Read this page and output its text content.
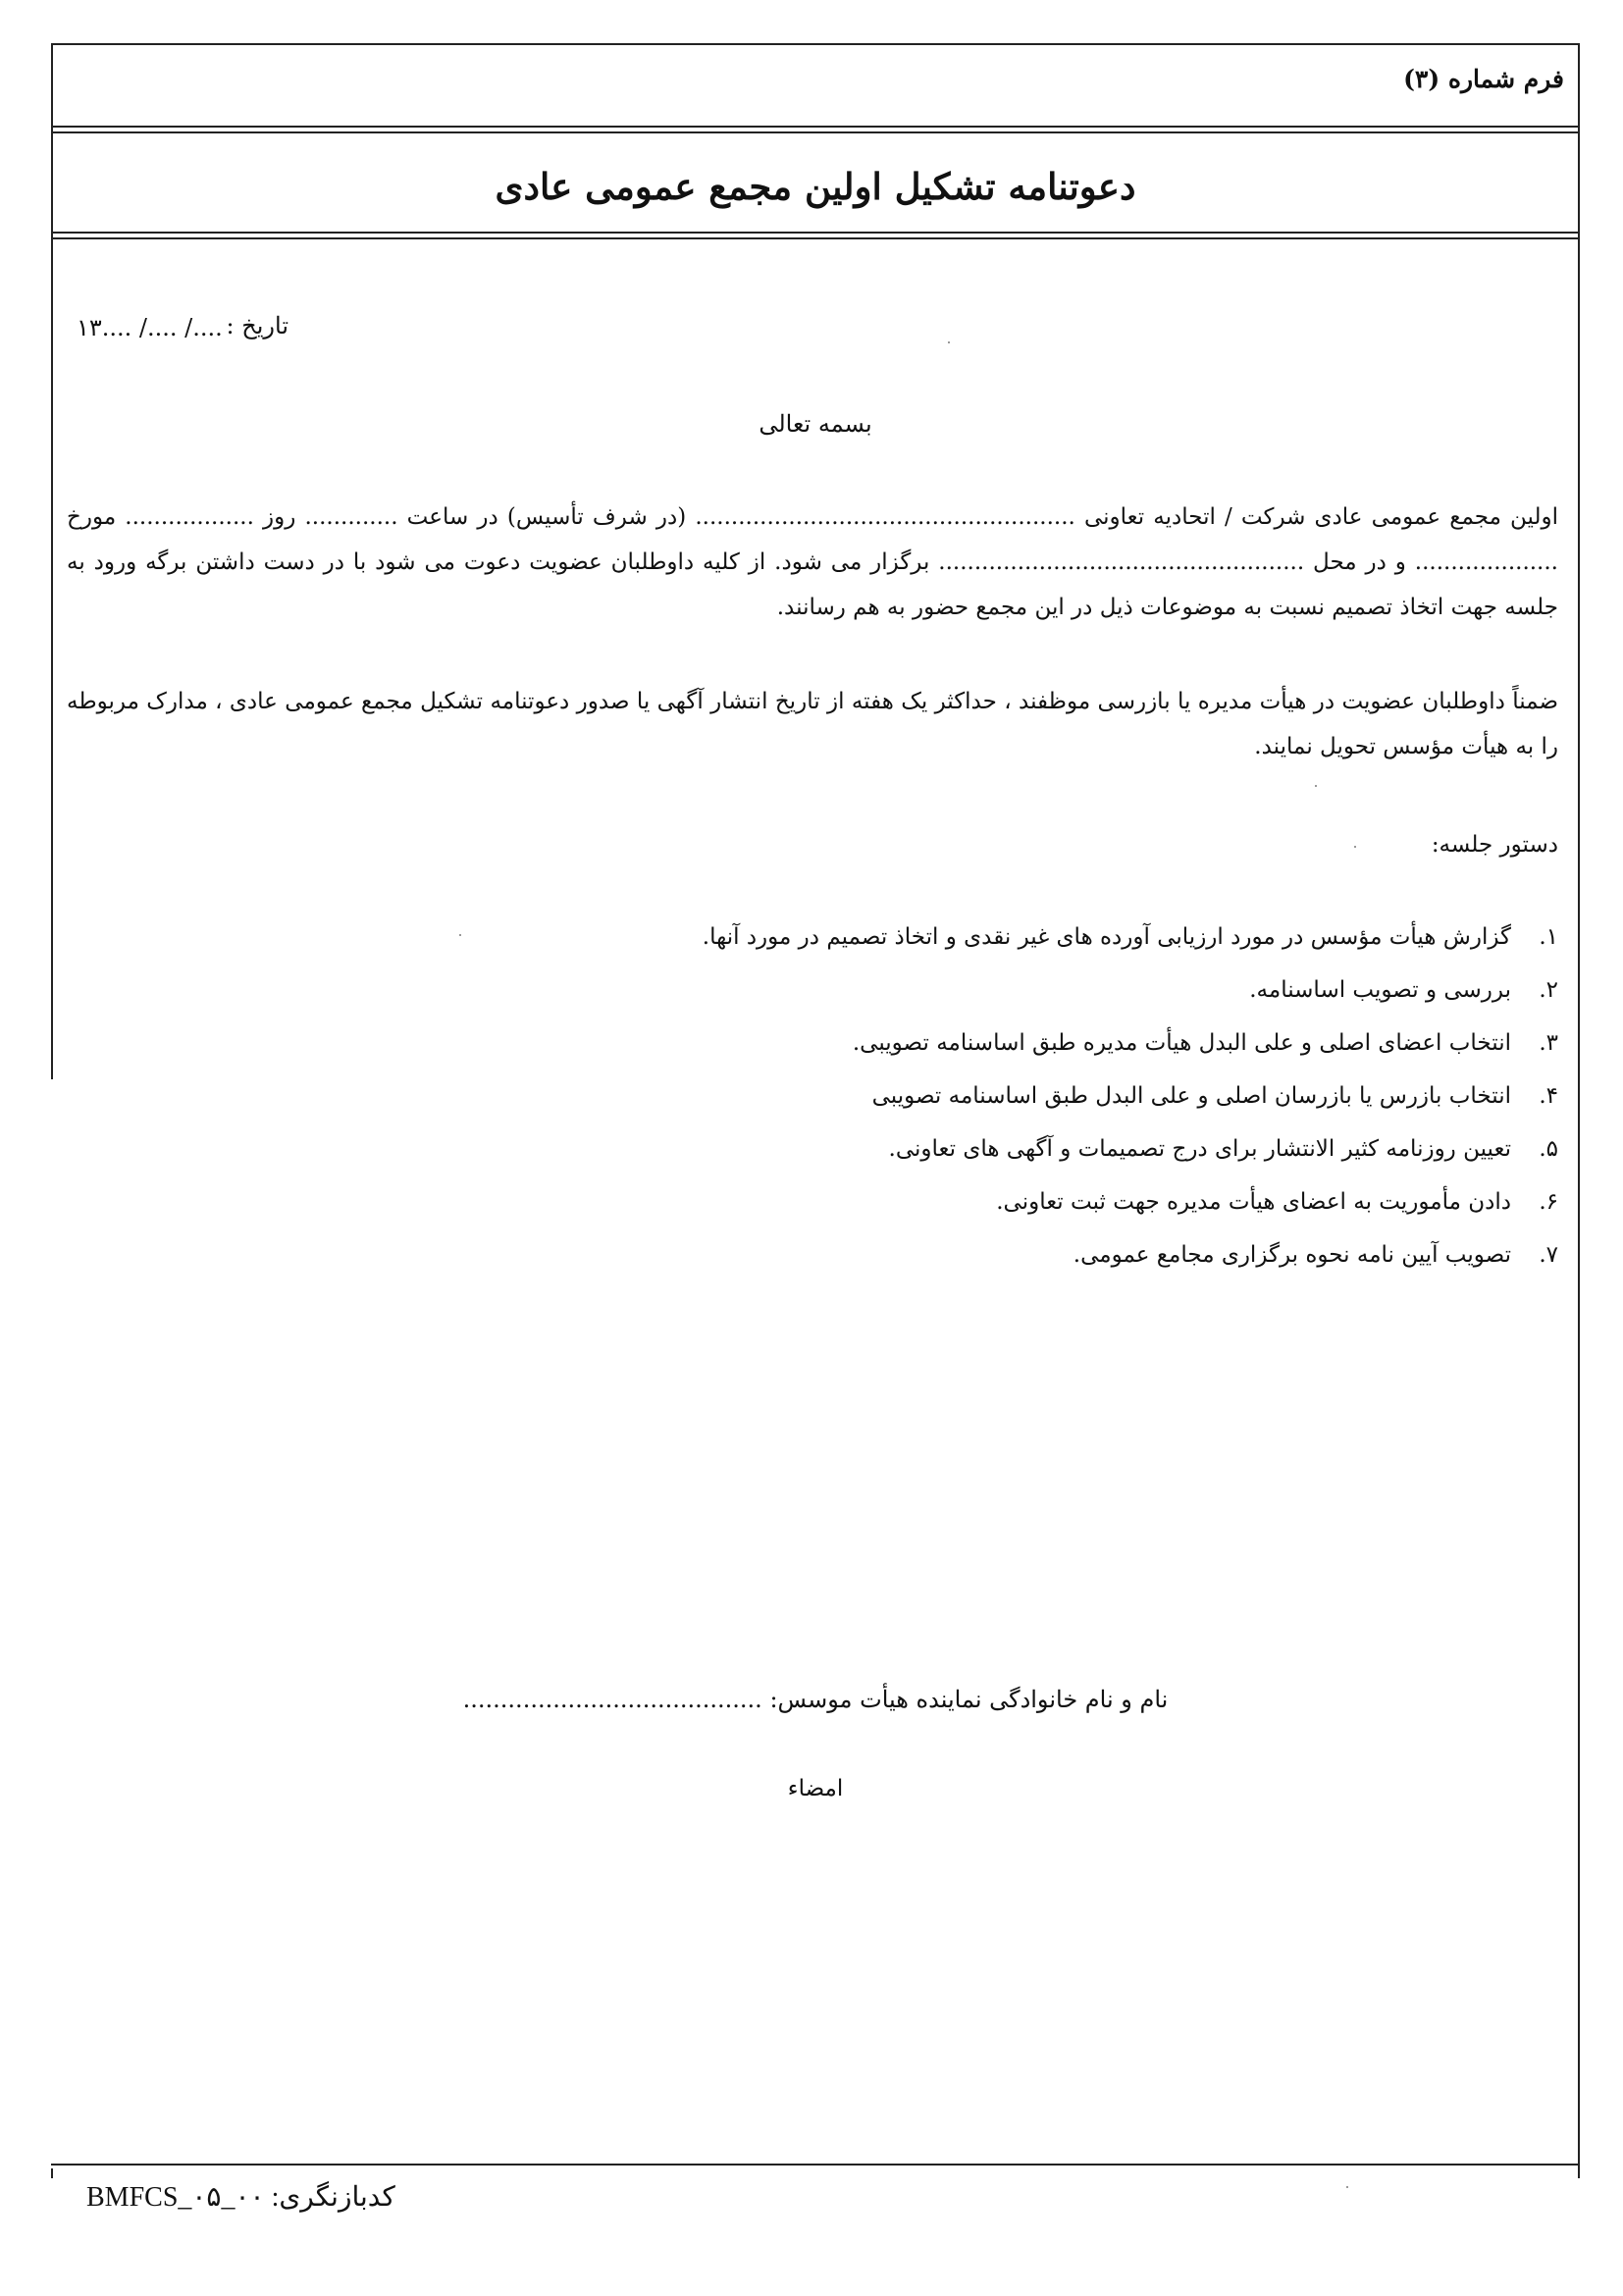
فرم شماره (۳)
دعوتنامه تشکیل اولین مجمع عمومی عادی
تاریخ :
..../ ..../ ....۱۳
بسمه تعالی
اولین مجمع عمومی عادی شرکت / اتحادیه تعاونی ..................................................... (در شرف تأسیس) در ساعت ............. روز .................. مورخ .................... و در محل ................................................... برگزار می شود. از کلیه داوطلبان عضویت دعوت می شود با در دست داشتن برگه ورود به جلسه جهت اتخاذ تصمیم نسبت به موضوعات ذیل در این مجمع حضور به هم رسانند.
ضمناً داوطلبان عضویت در هیأت مدیره یا بازرسی موظفند ، حداکثر یک هفته از تاریخ انتشار آگهی یا صدور دعوتنامه تشکیل مجمع عمومی عادی ، مدارک مربوطه را به هیأت مؤسس تحویل نمایند.
دستور جلسه:
۱.گزارش هیأت مؤسس در مورد ارزیابی آورده های غیر نقدی و اتخاذ تصمیم در مورد آنها.
۲.بررسی و تصویب اساسنامه.
۳.انتخاب اعضای اصلی و علی البدل هیأت مدیره طبق اساسنامه تصویبی.
۴.انتخاب بازرس یا بازرسان اصلی و علی البدل طبق اساسنامه تصویبی
۵.تعیین روزنامه کثیر الانتشار برای درج تصمیمات و آگهی های تعاونی.
۶.دادن مأموریت به اعضای هیأت مدیره جهت ثبت تعاونی.
۷.تصویب آیین نامه نحوه برگزاری مجامع عمومی.
نام و نام خانوادگی نماینده هیأت موسس: ........................................
امضاء
کدبازنگری: BMFCS_۰۵_۰۰
